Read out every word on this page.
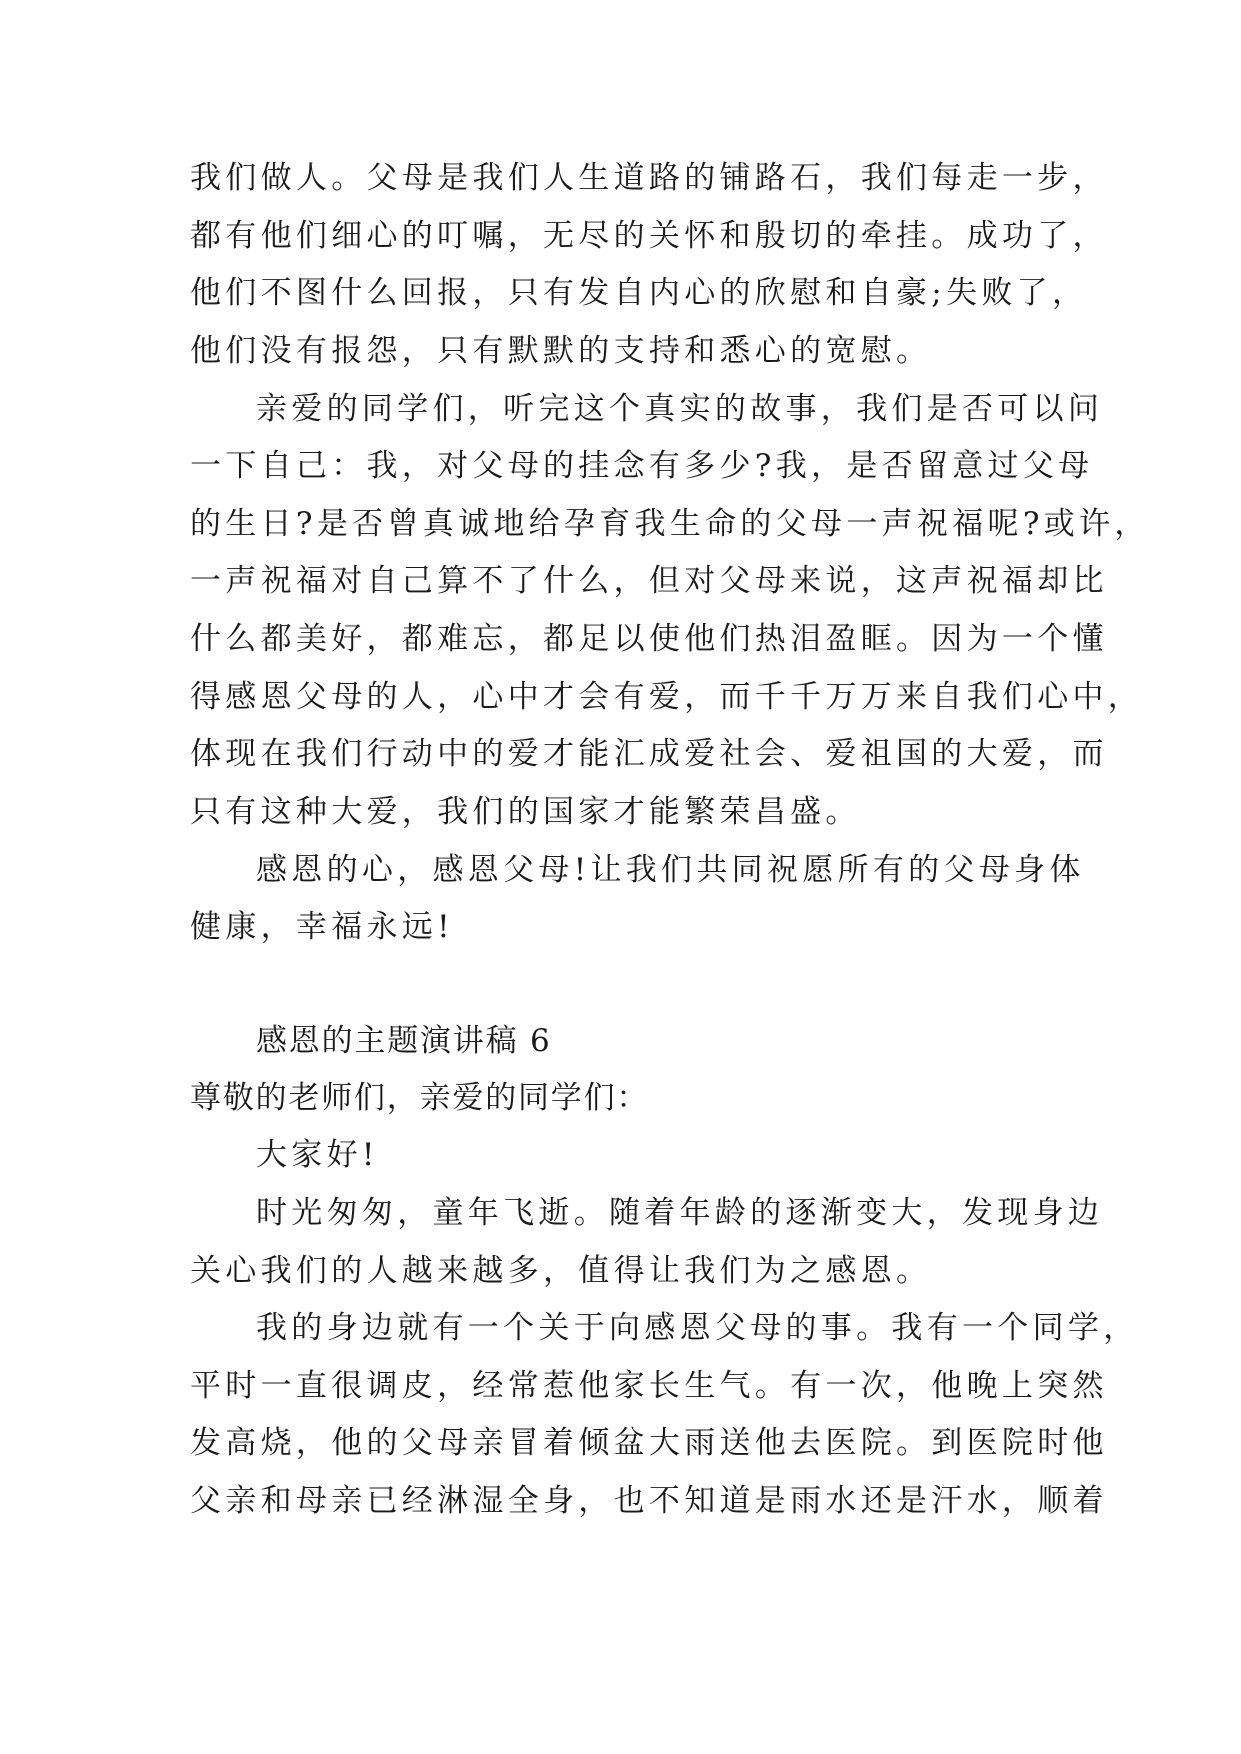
我们做人。父母是我们人生道路的铺路石，我们每走一步，
都有他们细心的叮嘱，无尽的关怀和殷切的牵挂。成功了，
他们不图什么回报，只有发自内心的欣慰和自豪;失败了，
他们没有报怨，只有默默的支持和悉心的宽慰。
亲爱的同学们，听完这个真实的故事，我们是否可以问
一下自己：我，对父母的挂念有多少?我，是否留意过父母
的生日?是否曾真诚地给孕育我生命的父母一声祝福呢?或许，
一声祝福对自己算不了什么，但对父母来说，这声祝福却比
什么都美好，都难忘，都足以使他们热泪盈眶。因为一个懂
得感恩父母的人，心中才会有爱，而千千万万来自我们心中，
体现在我们行动中的爱才能汇成爱社会、爱祖国的大爱，而
只有这种大爱，我们的国家才能繁荣昌盛。
感恩的心，感恩父母!让我们共同祝愿所有的父母身体
健康，幸福永远!
感恩的主题演讲稿 6
尊敬的老师们，亲爱的同学们：
大家好!
时光匆匆，童年飞逝。随着年龄的逐渐变大，发现身边
关心我们的人越来越多，值得让我们为之感恩。
我的身边就有一个关于向感恩父母的事。我有一个同学，
平时一直很调皮，经常惹他家长生气。有一次，他晚上突然
发高烧，他的父母亲冒着倾盆大雨送他去医院。到医院时他
父亲和母亲已经淋湿全身，也不知道是雨水还是汗水，顺着
